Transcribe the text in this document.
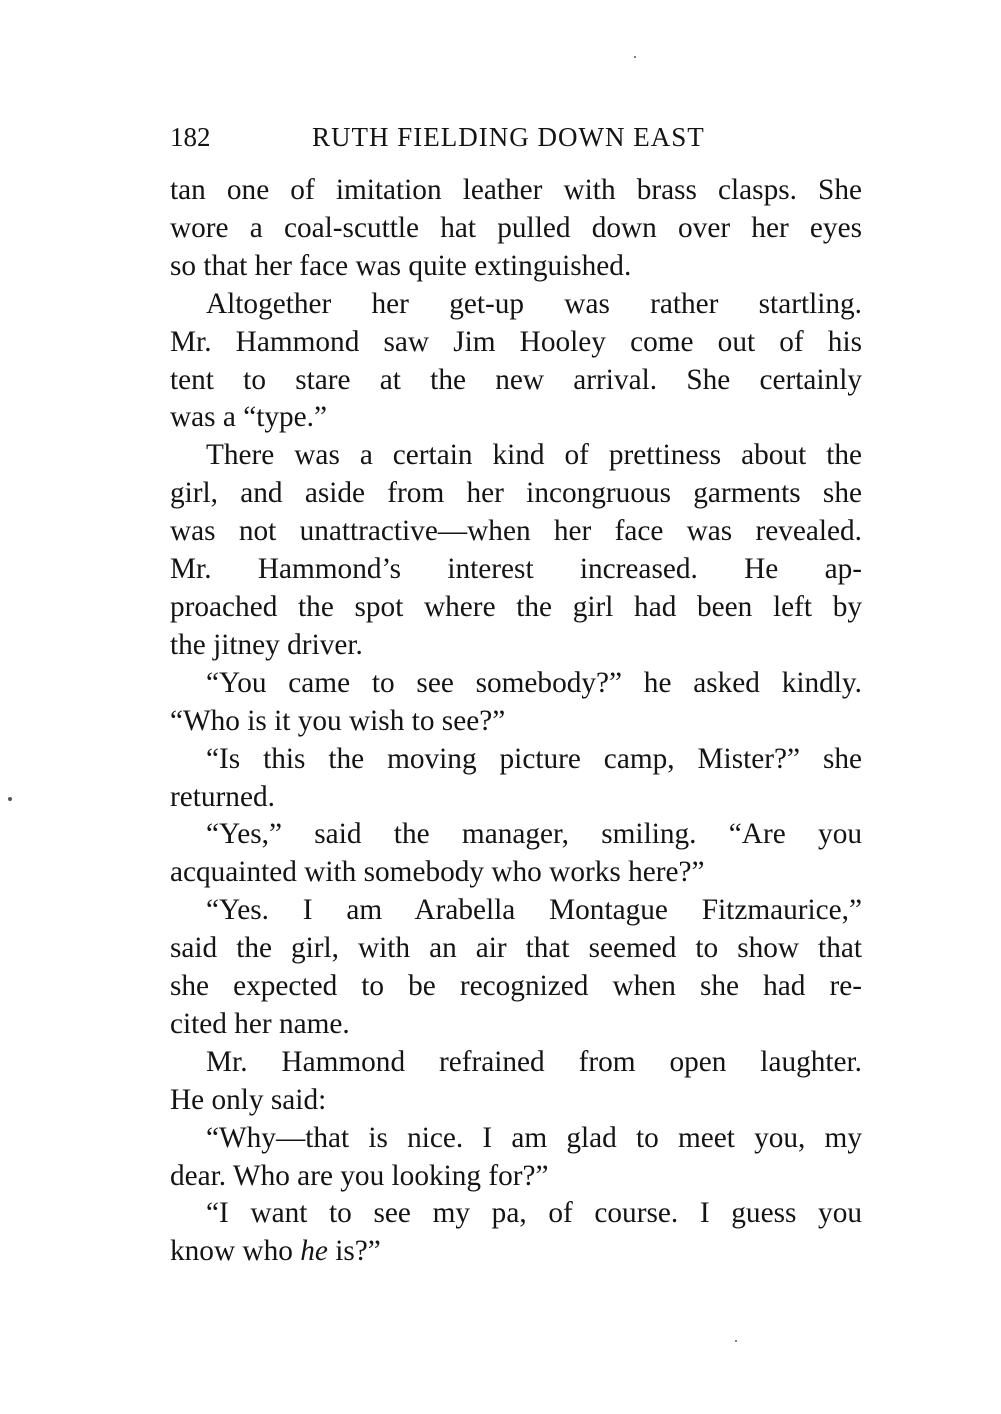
182	RUTH FIELDING DOWN EAST

tan one of imitation leather with brass clasps. She
wore a coal-scuttle hat pulled down over her eyes
so that her face was quite extinguished.

Altogether her get-up was rather startling.
Mr. Hammond saw Jim Hooley come out of his
tent to stare at the new arrival. She certainly
was a “type.”

There was a certain kind of prettiness about the
girl, and aside from her incongruous garments she
was not unattractive—when her face was revealed.
Mr. Hammond’s interest increased. He ap-
proached the spot where the girl had been left by
the jitney driver.

“You came to see somebody?” he asked kindly.
“Who is it you wish to see?”

“Is this the moving picture camp, Mister?” she
returned.

“Yes,” said the manager, smiling. “Are you
acquainted with somebody who works here?”

“Yes. I am Arabella Montague Fitzmaurice,”
said the girl, with an air that seemed to show that
she expected to be recognized when she had re-
cited her name.

Mr. Hammond refrained from open laughter.
He only said:

“Why—that is nice. I am glad to meet you, my
dear. Who are you looking for?”

“I want to see my pa, of course. I guess you
know who he is?”
